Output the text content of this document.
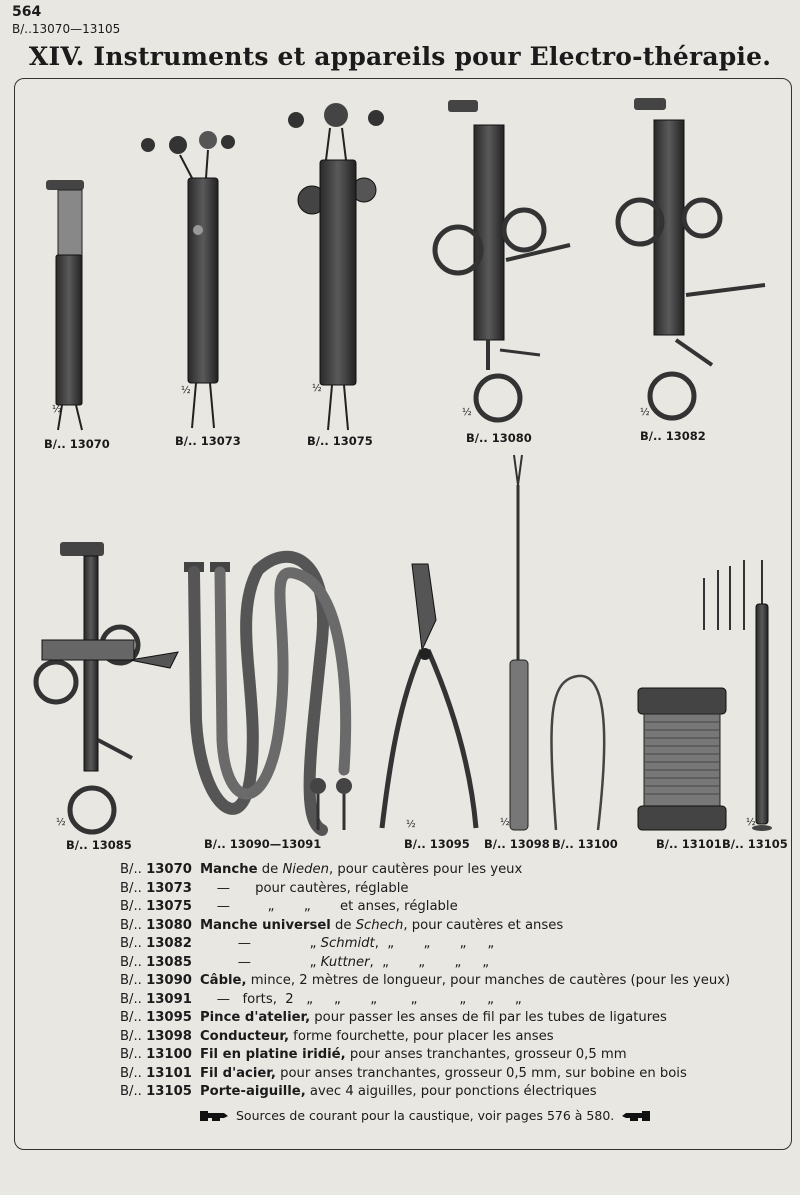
564
B/..13070—13105
XIV. Instruments et appareils pour Electro-thérapie.
½
½	½
½	½
½	½	½	½
B/.. 13070	B/.. 13073	B/.. 13075	B/.. 13080	B/.. 13082
B/.. 13085	B/.. 13090—13091	B/.. 13095 B/.. 13098 B/.. 13100	B/.. 13101 B/.. 13105
B/.. 13070 Manche de Nieden, pour cautères pour les yeux
B/.. 13073 —      pour cautères, réglable
B/.. 13075 —         „       „       et anses, réglable
B/.. 13080 Manche universel de Schech, pour cautères et anses
B/.. 13082 —              „ Schmidt,  „       „       „     „
B/.. 13085 —              „ Kuttner,  „       „       „     „
B/.. 13090 Câble, mince, 2 mètres de longueur, pour manches de cautères (pour les yeux)
B/.. 13091 —   forts,  2   „     „       „        „          „     „     „
B/.. 13095 Pince d'atelier, pour passer les anses de fil par les tubes de ligatures
B/.. 13098 Conducteur, forme fourchette, pour placer les anses
B/.. 13100 Fil en platine iridié, pour anses tranchantes, grosseur 0,5 mm
B/.. 13101 Fil d'acier, pour anses tranchantes, grosseur 0,5 mm, sur bobine en bois
B/.. 13105 Porte-aiguille, avec 4 aiguilles, pour ponctions électriques
Sources de courant pour la caustique, voir pages 576 à 580.
